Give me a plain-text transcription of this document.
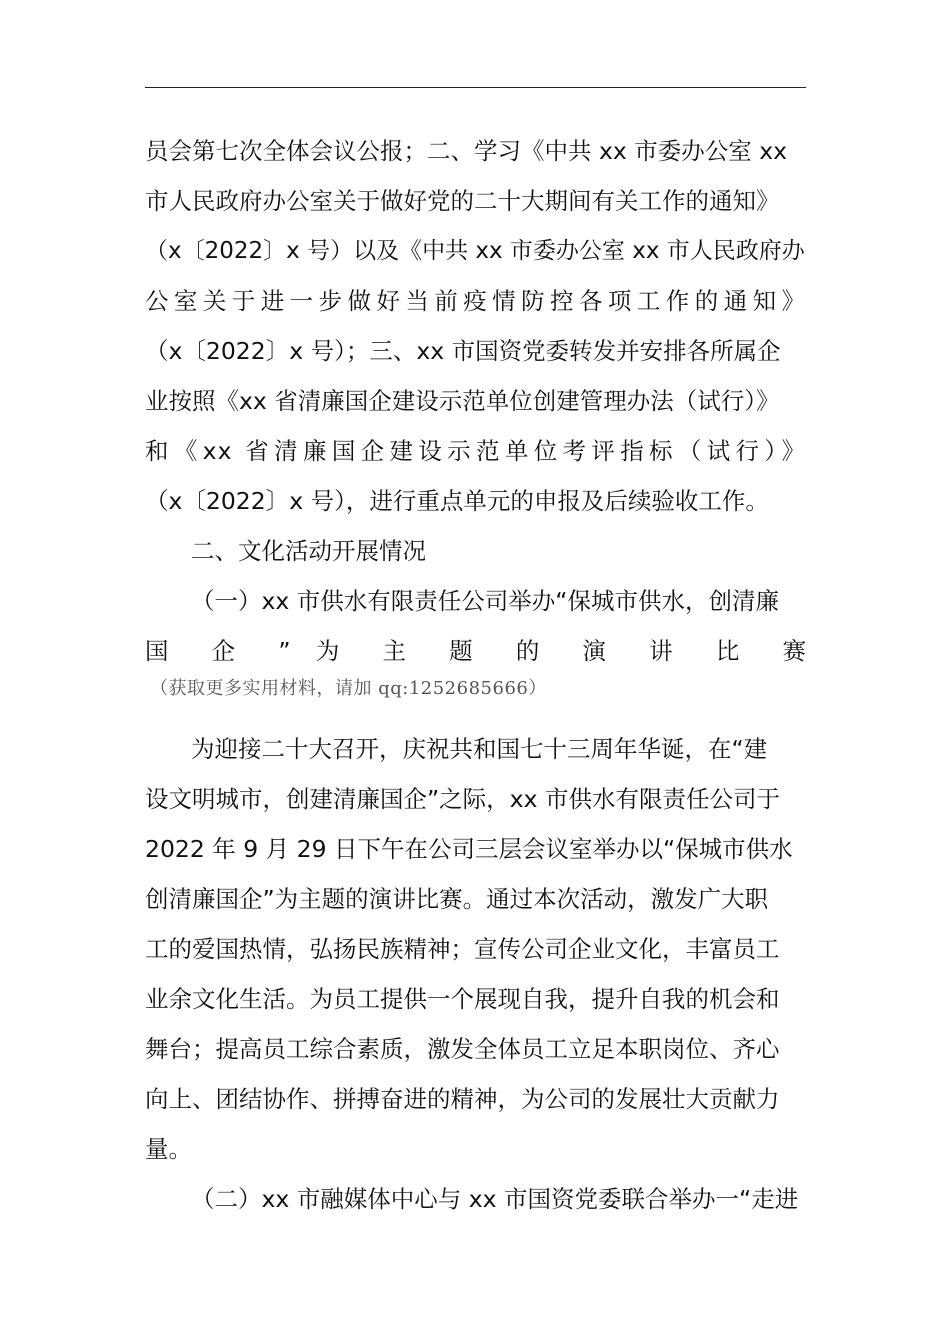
员会第七次全体会议公报；二、学习《中共 xx 市委办公室 xx
市人民政府办公室关于做好党的二十大期间有关工作的通知》
（x〔2022〕x 号）以及《中共 xx 市委办公室 xx 市人民政府办
公室关于进一步做好当前疫情防控各项工作的通知》
（x〔2022〕x 号）；三、xx 市国资党委转发并安排各所属企
业按照《xx 省清廉国企建设示范单位创建管理办法（试行）》
和《xx 省清廉国企建设示范单位考评指标（试行）》
（x〔2022〕x 号），进行重点单元的申报及后续验收工作。
二、文化活动开展情况
（一）xx 市供水有限责任公司举办“保城市供水，创清廉
国 企 ” 为 主 题 的 演 讲 比 赛
（获取更多实用材料，请加 qq:1252685666）
为迎接二十大召开，庆祝共和国七十三周年华诞，在“建
设文明城市，创建清廉国企”之际，xx 市供水有限责任公司于
2022 年 9 月 29 日下午在公司三层会议室举办以“保城市供水
创清廉国企”为主题的演讲比赛。通过本次活动，激发广大职
工的爱国热情，弘扬民族精神；宣传公司企业文化，丰富员工
业余文化生活。为员工提供一个展现自我，提升自我的机会和
舞台；提高员工综合素质，激发全体员工立足本职岗位、齐心
向上、团结协作、拼搏奋进的精神，为公司的发展壮大贡献力
量。
（二）xx 市融媒体中心与 xx 市国资党委联合举办一“走进
